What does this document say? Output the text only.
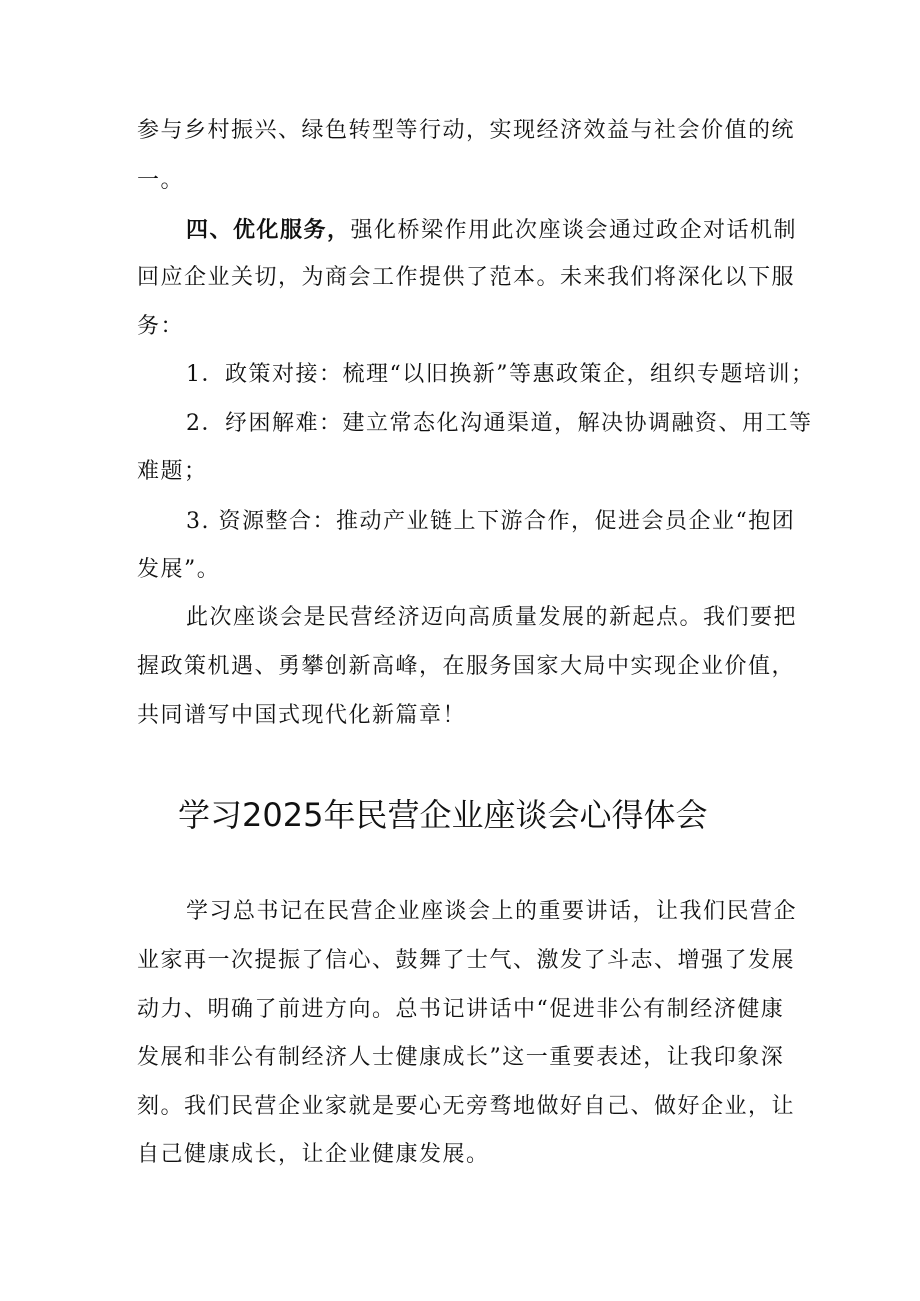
参与乡村振兴、绿色转型等行动，实现经济效益与社会价值的统
一。
四、优化服务，强化桥梁作用此次座谈会通过政企对话机制
回应企业关切，为商会工作提供了范本。未来我们将深化以下服
务：
1．政策对接：梳理“以旧换新”等惠政策企，组织专题培训；
2．纾困解难：建立常态化沟通渠道，解决协调融资、用工等
难题；
3. 资源整合：推动产业链上下游合作，促进会员企业“抱团
发展”。
此次座谈会是民营经济迈向高质量发展的新起点。我们要把
握政策机遇、勇攀创新高峰，在服务国家大局中实现企业价值，
共同谱写中国式现代化新篇章！
学习2025年民营企业座谈会心得体会
学习总书记在民营企业座谈会上的重要讲话，让我们民营企
业家再一次提振了信心、鼓舞了士气、激发了斗志、增强了发展
动力、明确了前进方向。总书记讲话中“促进非公有制经济健康
发展和非公有制经济人士健康成长”这一重要表述，让我印象深
刻。我们民营企业家就是要心无旁骛地做好自己、做好企业，让
自己健康成长，让企业健康发展。
